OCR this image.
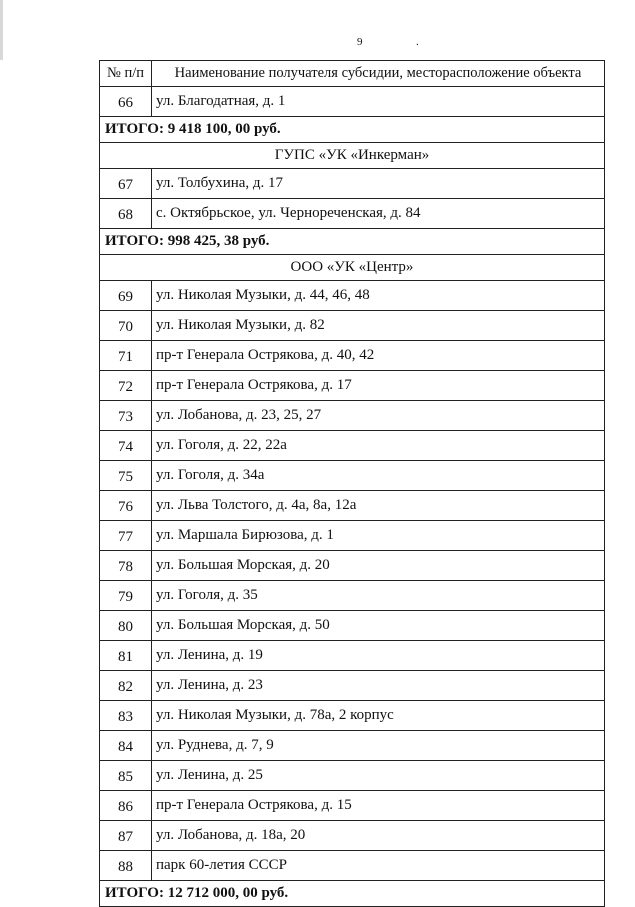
9	.
№ п/п	Наименование получателя субсидии, месторасположение объекта
66	ул. Благодатная, д. 1
ИТОГО: 9 418 100, 00 руб.	
ГУПС «УК «Инкерман»	
67	ул. Толбухина, д. 17
68	с. Октябрьское, ул. Чернореченская, д. 84
ИТОГО: 998 425, 38 руб.	
ООО «УК «Центр»	
69	ул. Николая Музыки, д. 44, 46, 48
70	ул. Николая Музыки, д. 82
71	пр-т Генерала Острякова, д. 40, 42
72	пр-т Генерала Острякова, д. 17
73	ул. Лобанова, д. 23, 25, 27
74	ул. Гоголя, д. 22, 22а
75	ул. Гоголя, д. 34а
76	ул. Льва Толстого, д. 4а, 8а, 12а
77	ул. Маршала Бирюзова, д. 1
78	ул. Большая Морская, д. 20
79	ул. Гоголя, д. 35
80	ул. Большая Морская, д. 50
81	ул. Ленина, д. 19
82	ул. Ленина, д. 23
83	ул. Николая Музыки, д. 78а, 2 корпус
84	ул. Руднева, д. 7, 9
85	ул. Ленина, д. 25
86	пр-т Генерала Острякова, д. 15
87	ул. Лобанова, д. 18а, 20
88	парк 60-летия СССР
ИТОГО: 12 712 000, 00 руб.	
